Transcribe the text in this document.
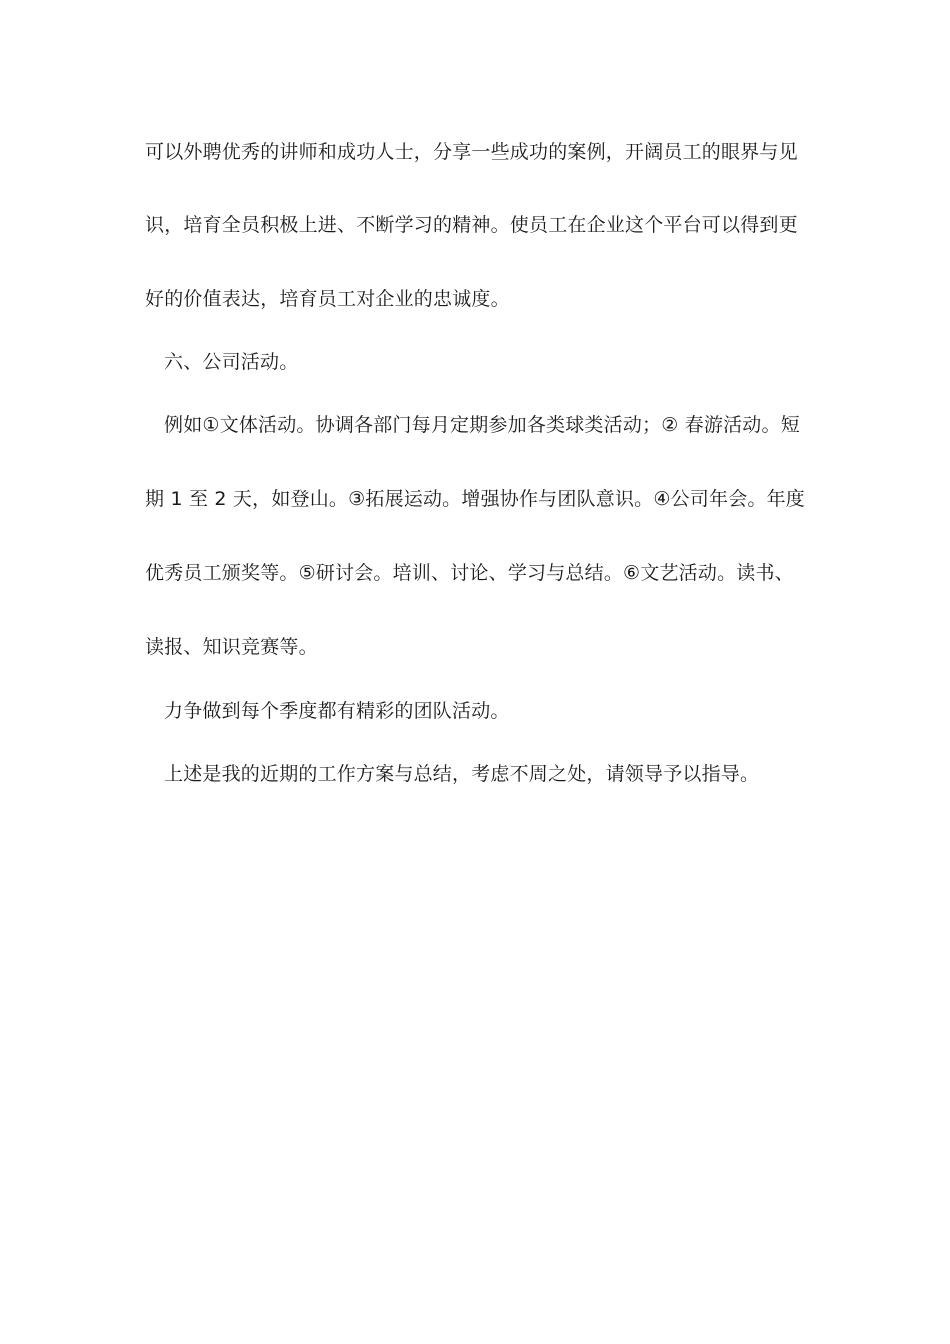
可以外聘优秀的讲师和成功人士，分享一些成功的案例，开阔员工的眼界与见

识，培育全员积极上进、不断学习的精神。使员工在企业这个平台可以得到更

好的价值表达，培育员工对企业的忠诚度。

六、公司活动。

例如①文体活动。协调各部门每月定期参加各类球类活动；② 春游活动。短

期 1 至 2 天，如登山。③拓展运动。增强协作与团队意识。④公司年会。年度

优秀员工颁奖等。⑤研讨会。培训、讨论、学习与总结。⑥文艺活动。读书、

读报、知识竞赛等。

力争做到每个季度都有精彩的团队活动。

上述是我的近期的工作方案与总结，考虑不周之处，请领导予以指导。
